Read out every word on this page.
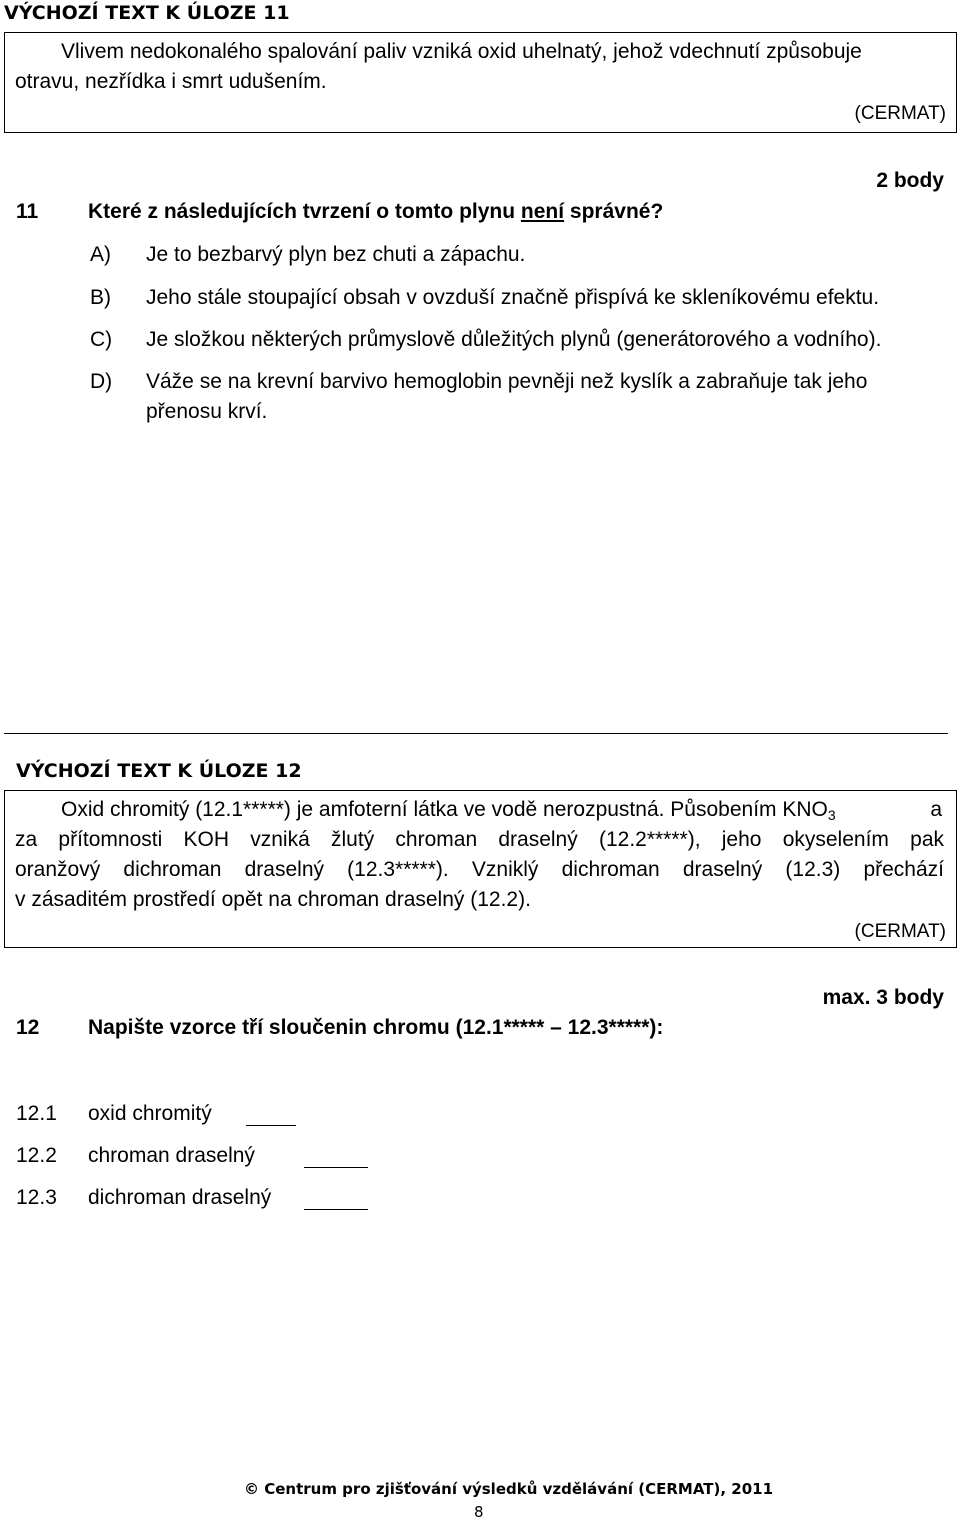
VÝCHOZÍ TEXT K ÚLOZE 11
Vlivem nedokonalého spalování paliv vzniká oxid uhelnatý, jehož vdechnutí způsobuje
otravu, nezřídka i smrt udušením.
(CERMAT)
2 body
11 Které z následujících tvrzení o tomto plynu není správné?
A) Je to bezbarvý plyn bez chuti a zápachu.
B) Jeho stále stoupající obsah v ovzduší značně přispívá ke skleníkovému efektu.
C) Je složkou některých průmyslově důležitých plynů (generátorového a vodního).
D) Váže se na krevní barvivo hemoglobin pevněji než kyslík a zabraňuje tak jeho
přenosu krví.
VÝCHOZÍ TEXT K ÚLOZE 12
Oxid chromitý (12.1*****) je amfoterní látka ve vodě nerozpustná. Působením $KNO_3$	a
za přítomnosti KOH vzniká žlutý chroman draselný (12.2*****), jeho okyselením pak
oranžový dichroman draselný (12.3*****). Vzniklý dichroman draselný (12.3) přechází
v zásaditém prostředí opět na chroman draselný (12.2).
(CERMAT)
max. 3 body
12 Napište vzorce tří sloučenin chromu (12.1***** – 12.3*****):
12.1 oxid chromitý
12.2 chroman draselný
12.3 dichroman draselný
© Centrum pro zjišťování výsledků vzdělávání (CERMAT), 2011
8
